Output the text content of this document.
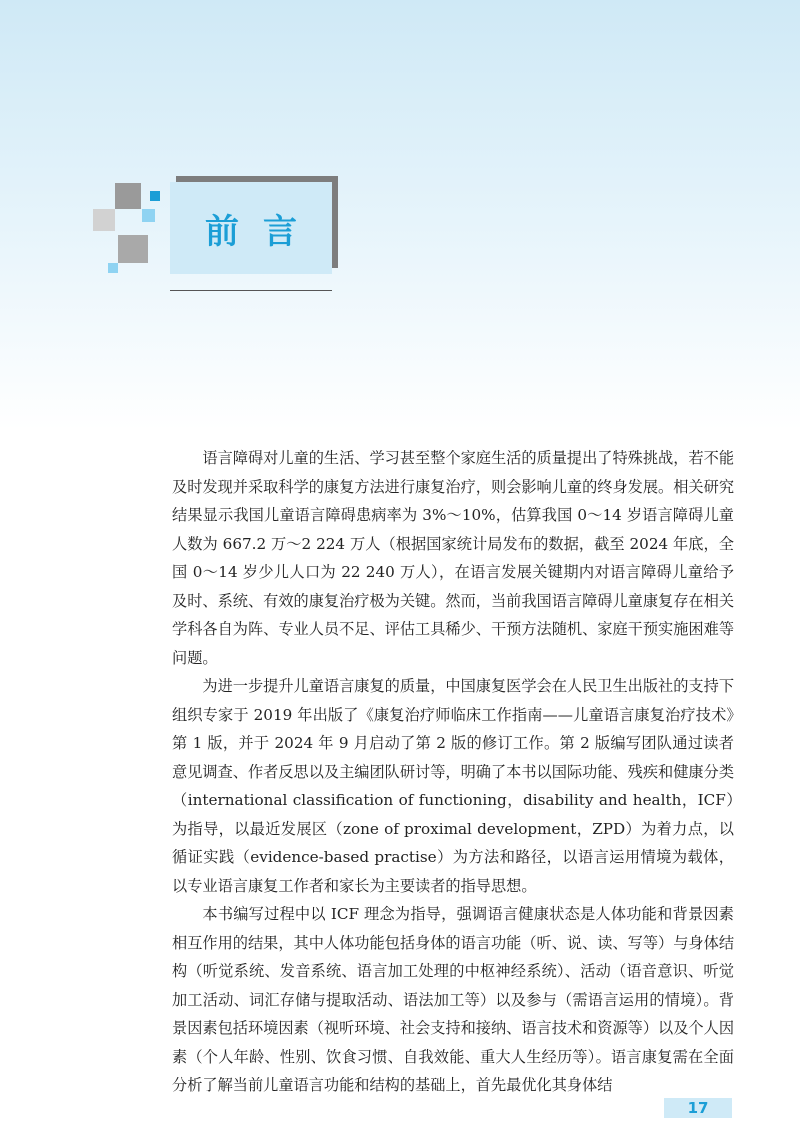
前言

语言障碍对儿童的生活、学习甚至整个家庭生活的质量提出了特殊挑战，若不能及时发现并采取科学的康复方法进行康复治疗，则会影响儿童的终身发展。相关研究结果显示我国儿童语言障碍患病率为 3%～10%，估算我国 0～14 岁语言障碍儿童人数为 667.2 万～2 224 万人（根据国家统计局发布的数据，截至 2024 年底，全国 0～14 岁少儿人口为 22 240 万人），在语言发展关键期内对语言障碍儿童给予及时、系统、有效的康复治疗极为关键。然而，当前我国语言障碍儿童康复存在相关学科各自为阵、专业人员不足、评估工具稀少、干预方法随机、家庭干预实施困难等问题。

为进一步提升儿童语言康复的质量，中国康复医学会在人民卫生出版社的支持下组织专家于 2019 年出版了《康复治疗师临床工作指南——儿童语言康复治疗技术》第 1 版，并于 2024 年 9 月启动了第 2 版的修订工作。第 2 版编写团队通过读者意见调查、作者反思以及主编团队研讨等，明确了本书以国际功能、残疾和健康分类（international classification of functioning，disability and health，ICF）为指导，以最近发展区（zone of proximal development，ZPD）为着力点，以循证实践（evidence-based practise）为方法和路径，以语言运用情境为载体，以专业语言康复工作者和家长为主要读者的指导思想。

本书编写过程中以 ICF 理念为指导，强调语言健康状态是人体功能和背景因素相互作用的结果，其中人体功能包括身体的语言功能（听、说、读、写等）与身体结构（听觉系统、发音系统、语言加工处理的中枢神经系统）、活动（语音意识、听觉加工活动、词汇存储与提取活动、语法加工等）以及参与（需语言运用的情境）。背景因素包括环境因素（视听环境、社会支持和接纳、语言技术和资源等）以及个人因素（个人年龄、性别、饮食习惯、自我效能、重大人生经历等）。语言康复需在全面分析了解当前儿童语言功能和结构的基础上，首先最优化其身体结

17
